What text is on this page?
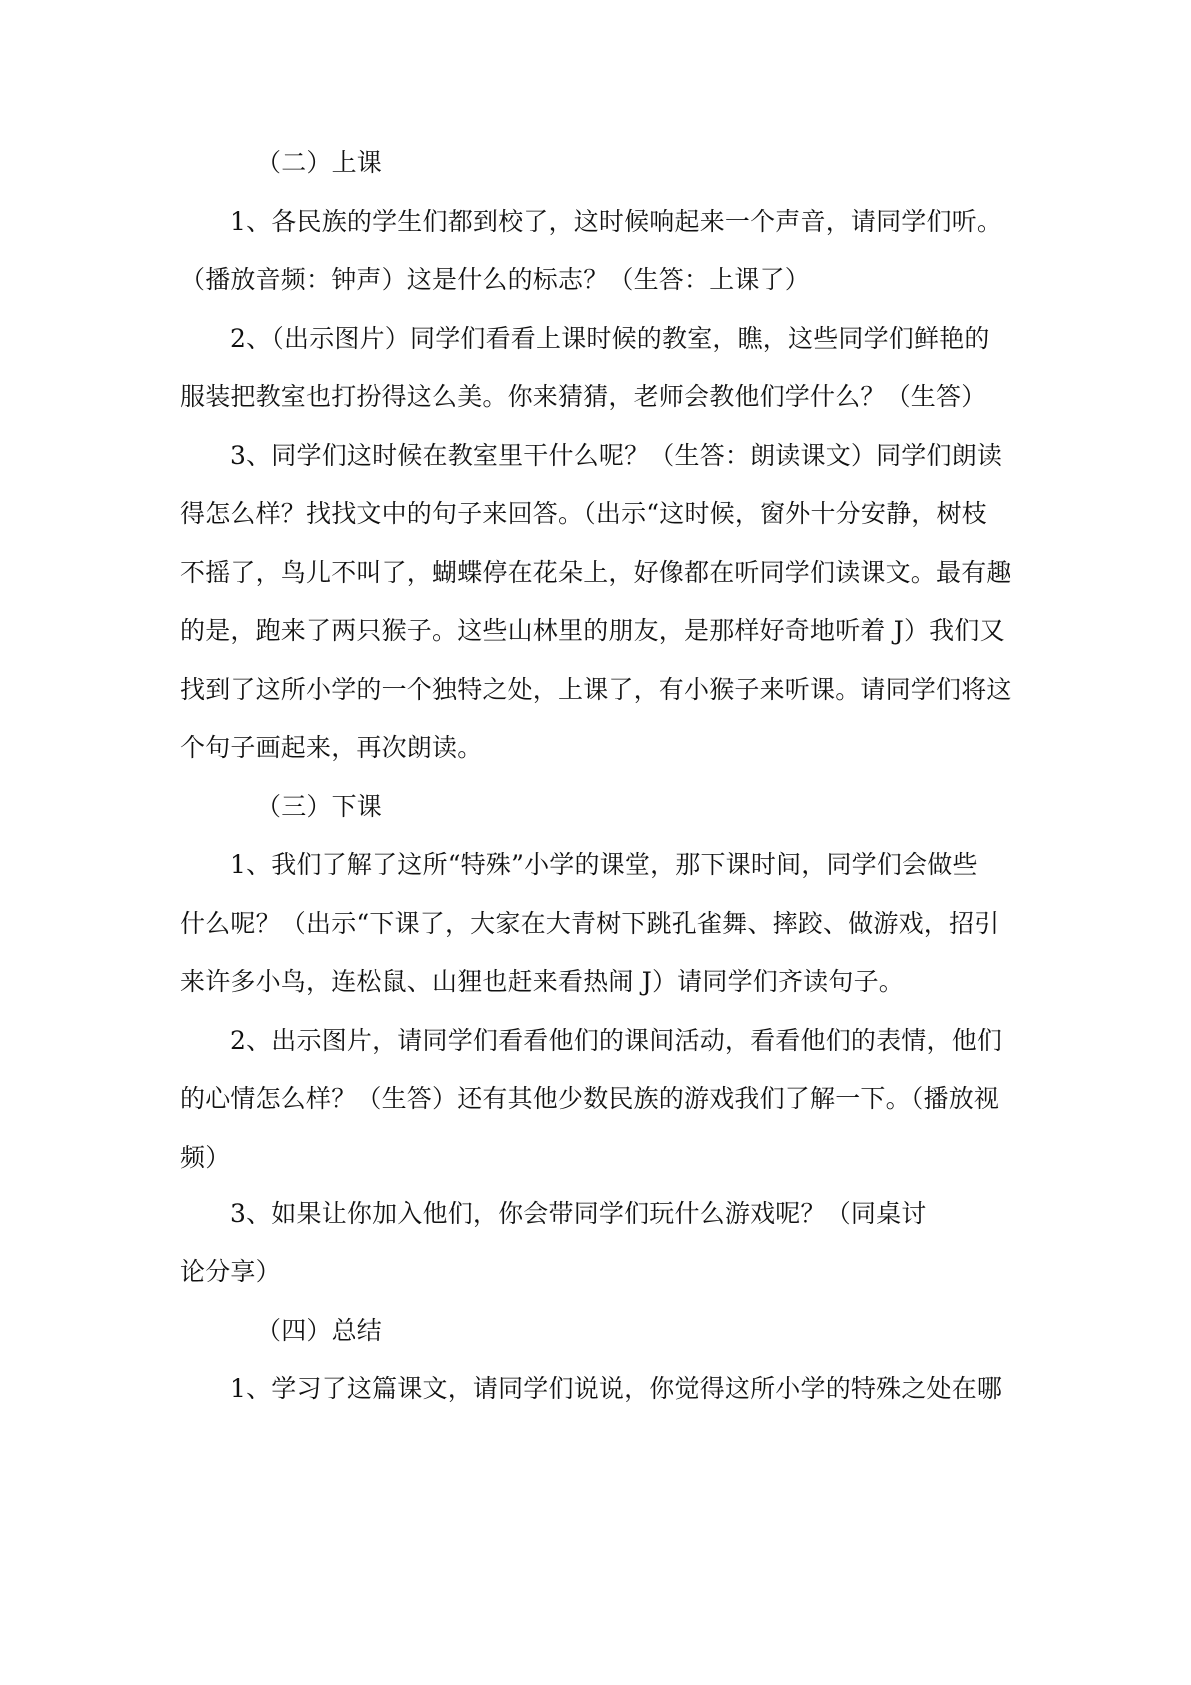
（二）上课
1、各民族的学生们都到校了，这时候响起来一个声音，请同学们听。
（播放音频：钟声）这是什么的标志？（生答：上课了）
2、（出示图片）同学们看看上课时候的教室，瞧，这些同学们鲜艳的
服装把教室也打扮得这么美。你来猜猜，老师会教他们学什么？（生答）
3、同学们这时候在教室里干什么呢？（生答：朗读课文）同学们朗读
得怎么样？找找文中的句子来回答。（出示“这时候，窗外十分安静，树枝
不摇了，鸟儿不叫了，蝴蝶停在花朵上，好像都在听同学们读课文。最有趣
的是，跑来了两只猴子。这些山林里的朋友，是那样好奇地听着 J）我们又
找到了这所小学的一个独特之处，上课了，有小猴子来听课。请同学们将这
个句子画起来，再次朗读。
（三）下课
1、我们了解了这所“特殊”小学的课堂，那下课时间，同学们会做些
什么呢？（出示“下课了，大家在大青树下跳孔雀舞、摔跤、做游戏，招引
来许多小鸟，连松鼠、山狸也赶来看热闹 J）请同学们齐读句子。
2、出示图片，请同学们看看他们的课间活动，看看他们的表情，他们
的心情怎么样？（生答）还有其他少数民族的游戏我们了解一下。（播放视
频）
3、如果让你加入他们，你会带同学们玩什么游戏呢？（同桌讨
论分享）
（四）总结
1、学习了这篇课文，请同学们说说，你觉得这所小学的特殊之处在哪
